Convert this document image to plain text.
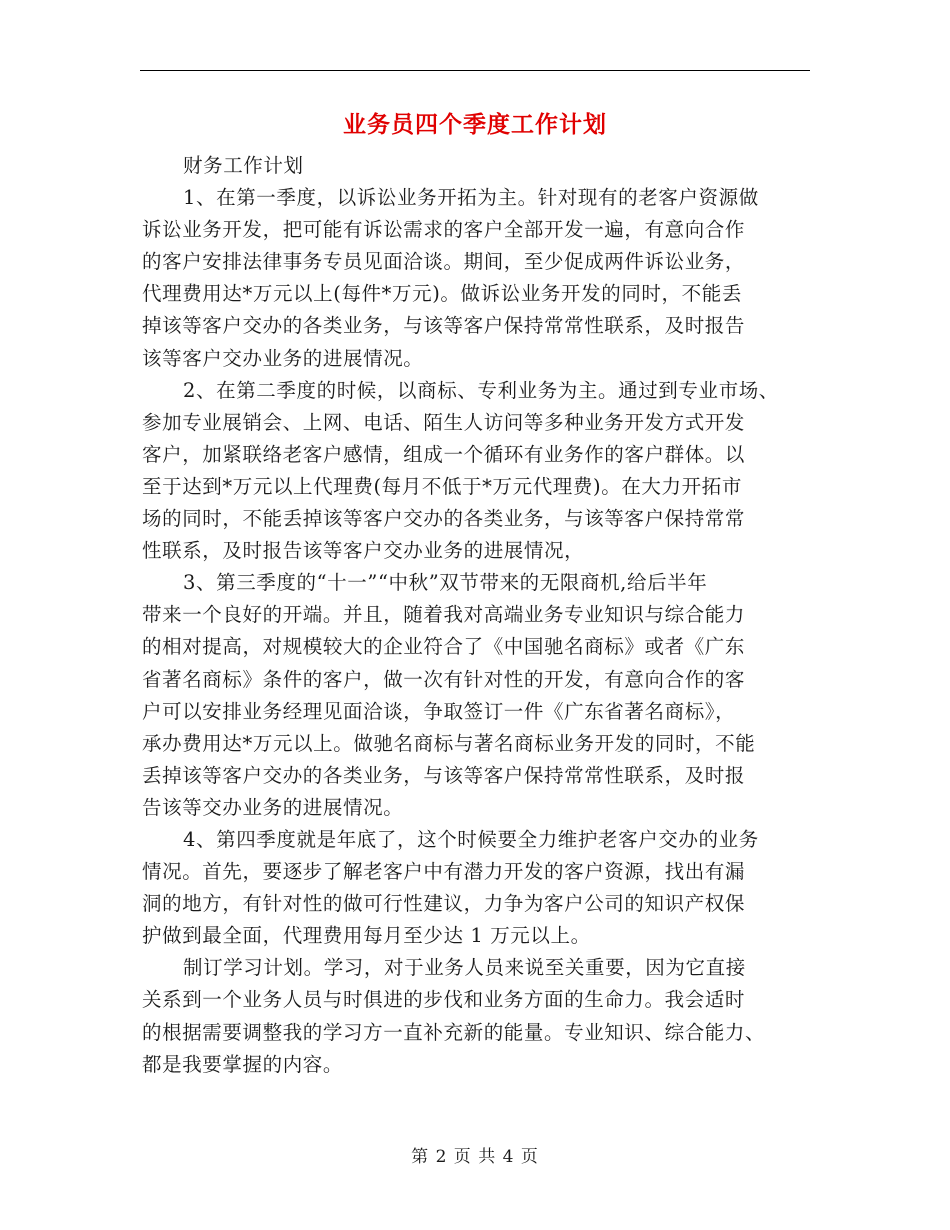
业务员四个季度工作计划
财务工作计划
1、在第一季度，以诉讼业务开拓为主。针对现有的老客户资源做
诉讼业务开发，把可能有诉讼需求的客户全部开发一遍，有意向合作
的客户安排法律事务专员见面洽谈。期间，至少促成两件诉讼业务，
代理费用达*万元以上(每件*万元)。做诉讼业务开发的同时，不能丢
掉该等客户交办的各类业务，与该等客户保持常常性联系，及时报告
该等客户交办业务的进展情况。
2、在第二季度的时候，以商标、专利业务为主。通过到专业市场、
参加专业展销会、上网、电话、陌生人访问等多种业务开发方式开发
客户，加紧联络老客户感情，组成一个循环有业务作的客户群体。以
至于达到*万元以上代理费(每月不低于*万元代理费)。在大力开拓市
场的同时，不能丢掉该等客户交办的各类业务，与该等客户保持常常
性联系，及时报告该等客户交办业务的进展情况，
3、第三季度的“十一”“中秋”双节带来的无限商机,给后半年
带来一个良好的开端。并且，随着我对高端业务专业知识与综合能力
的相对提高，对规模较大的企业符合了《中国驰名商标》或者《广东
省著名商标》条件的客户，做一次有针对性的开发，有意向合作的客
户可以安排业务经理见面洽谈，争取签订一件《广东省著名商标》，
承办费用达*万元以上。做驰名商标与著名商标业务开发的同时，不能
丢掉该等客户交办的各类业务，与该等客户保持常常性联系，及时报
告该等交办业务的进展情况。
4、第四季度就是年底了，这个时候要全力维护老客户交办的业务
情况。首先，要逐步了解老客户中有潜力开发的客户资源，找出有漏
洞的地方，有针对性的做可行性建议，力争为客户公司的知识产权保
护做到最全面，代理费用每月至少达 1 万元以上。
制订学习计划。学习，对于业务人员来说至关重要，因为它直接
关系到一个业务人员与时俱进的步伐和业务方面的生命力。我会适时
的根据需要调整我的学习方一直补充新的能量。专业知识、综合能力、
都是我要掌握的内容。
第 2 页 共 4 页
